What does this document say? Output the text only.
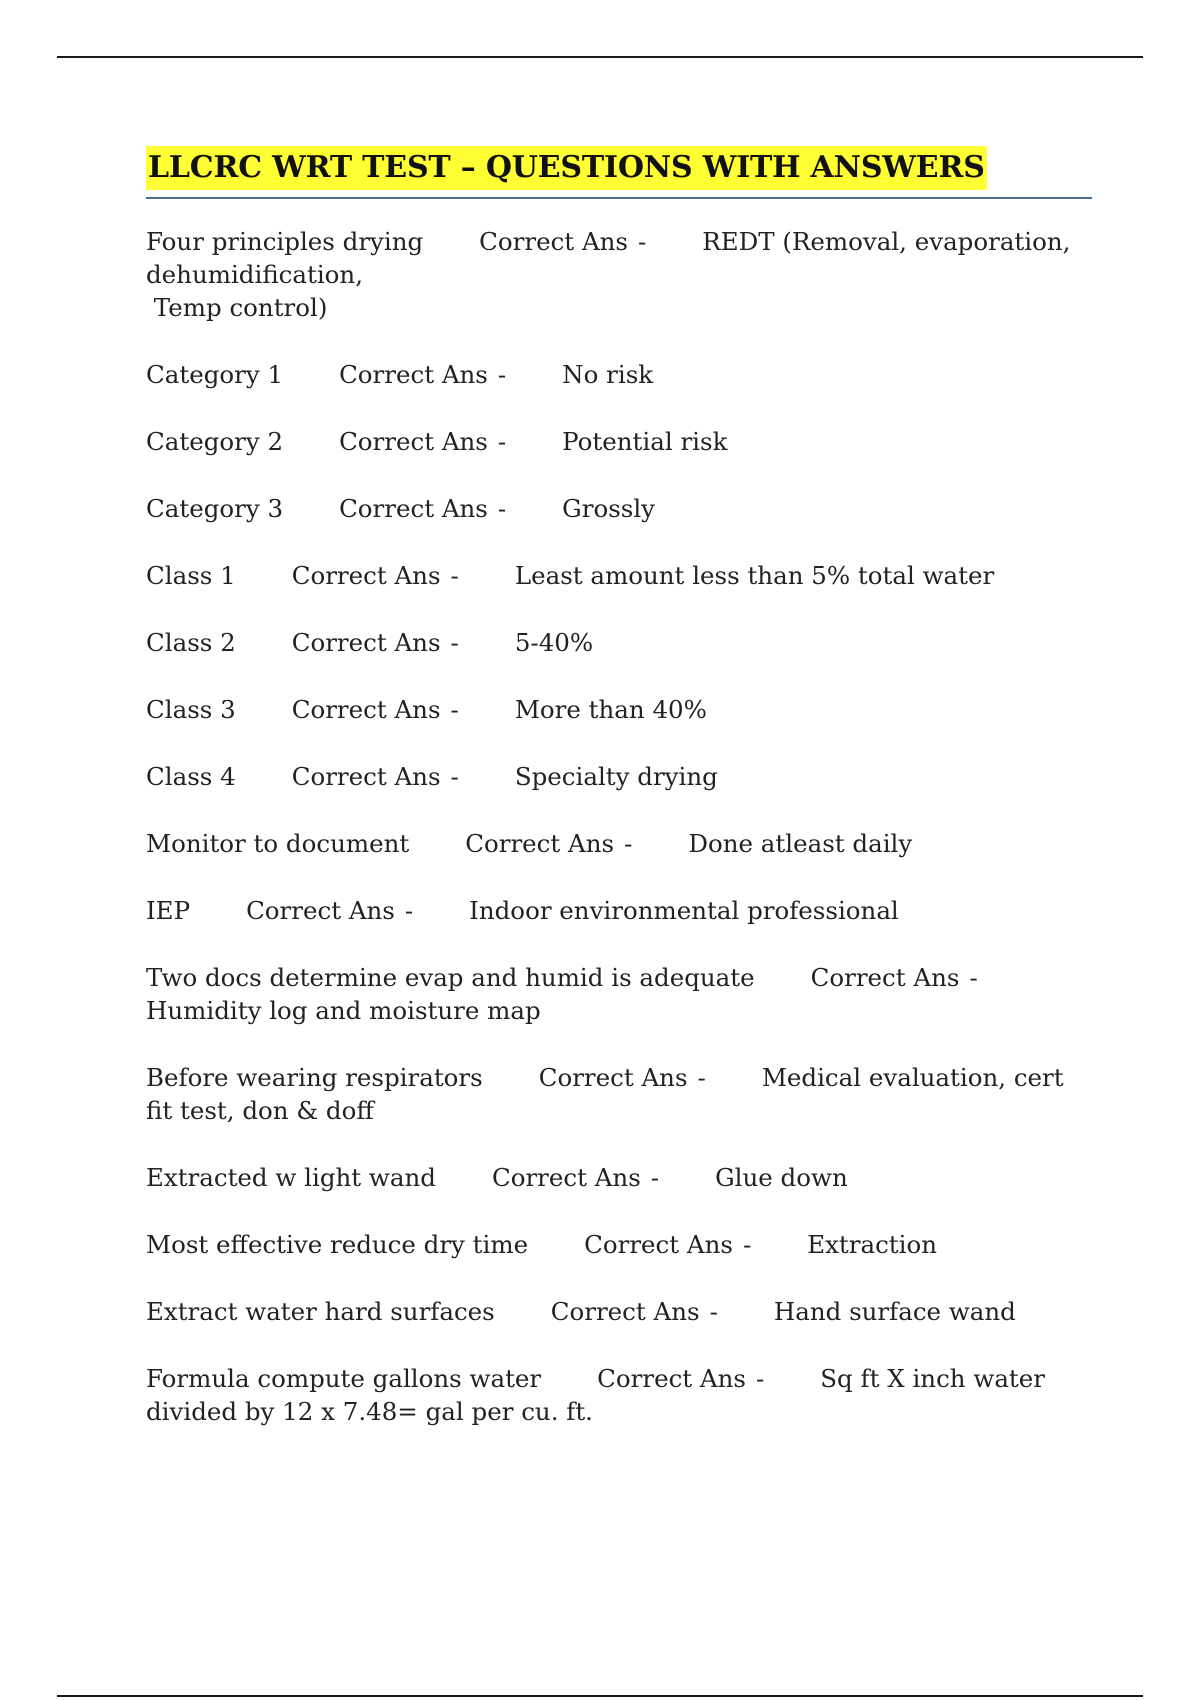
LLCRC WRT TEST – QUESTIONS WITH ANSWERS
Four principles drying Correct Ans - REDT (Removal, evaporation, dehumidification,
Temp control)
Category 1 Correct Ans - No risk
Category 2 Correct Ans - Potential risk
Category 3 Correct Ans - Grossly
Class 1 Correct Ans - Least amount less than 5% total water
Class 2 Correct Ans - 5-40%
Class 3 Correct Ans - More than 40%
Class 4 Correct Ans - Specialty drying
Monitor to document Correct Ans - Done atleast daily
IEP Correct Ans - Indoor environmental professional
Two docs determine evap and humid is adequate Correct Ans -Humidity log and moisture map
Before wearing respirators Correct Ans - Medical evaluation, cert fit test, don & doff
Extracted w light wand Correct Ans - Glue down
Most effective reduce dry time Correct Ans - Extraction
Extract water hard surfaces Correct Ans - Hand surface wand
Formula compute gallons water Correct Ans - Sq ft X inch water divided by 12 x 7.48= gal per cu. ft.
